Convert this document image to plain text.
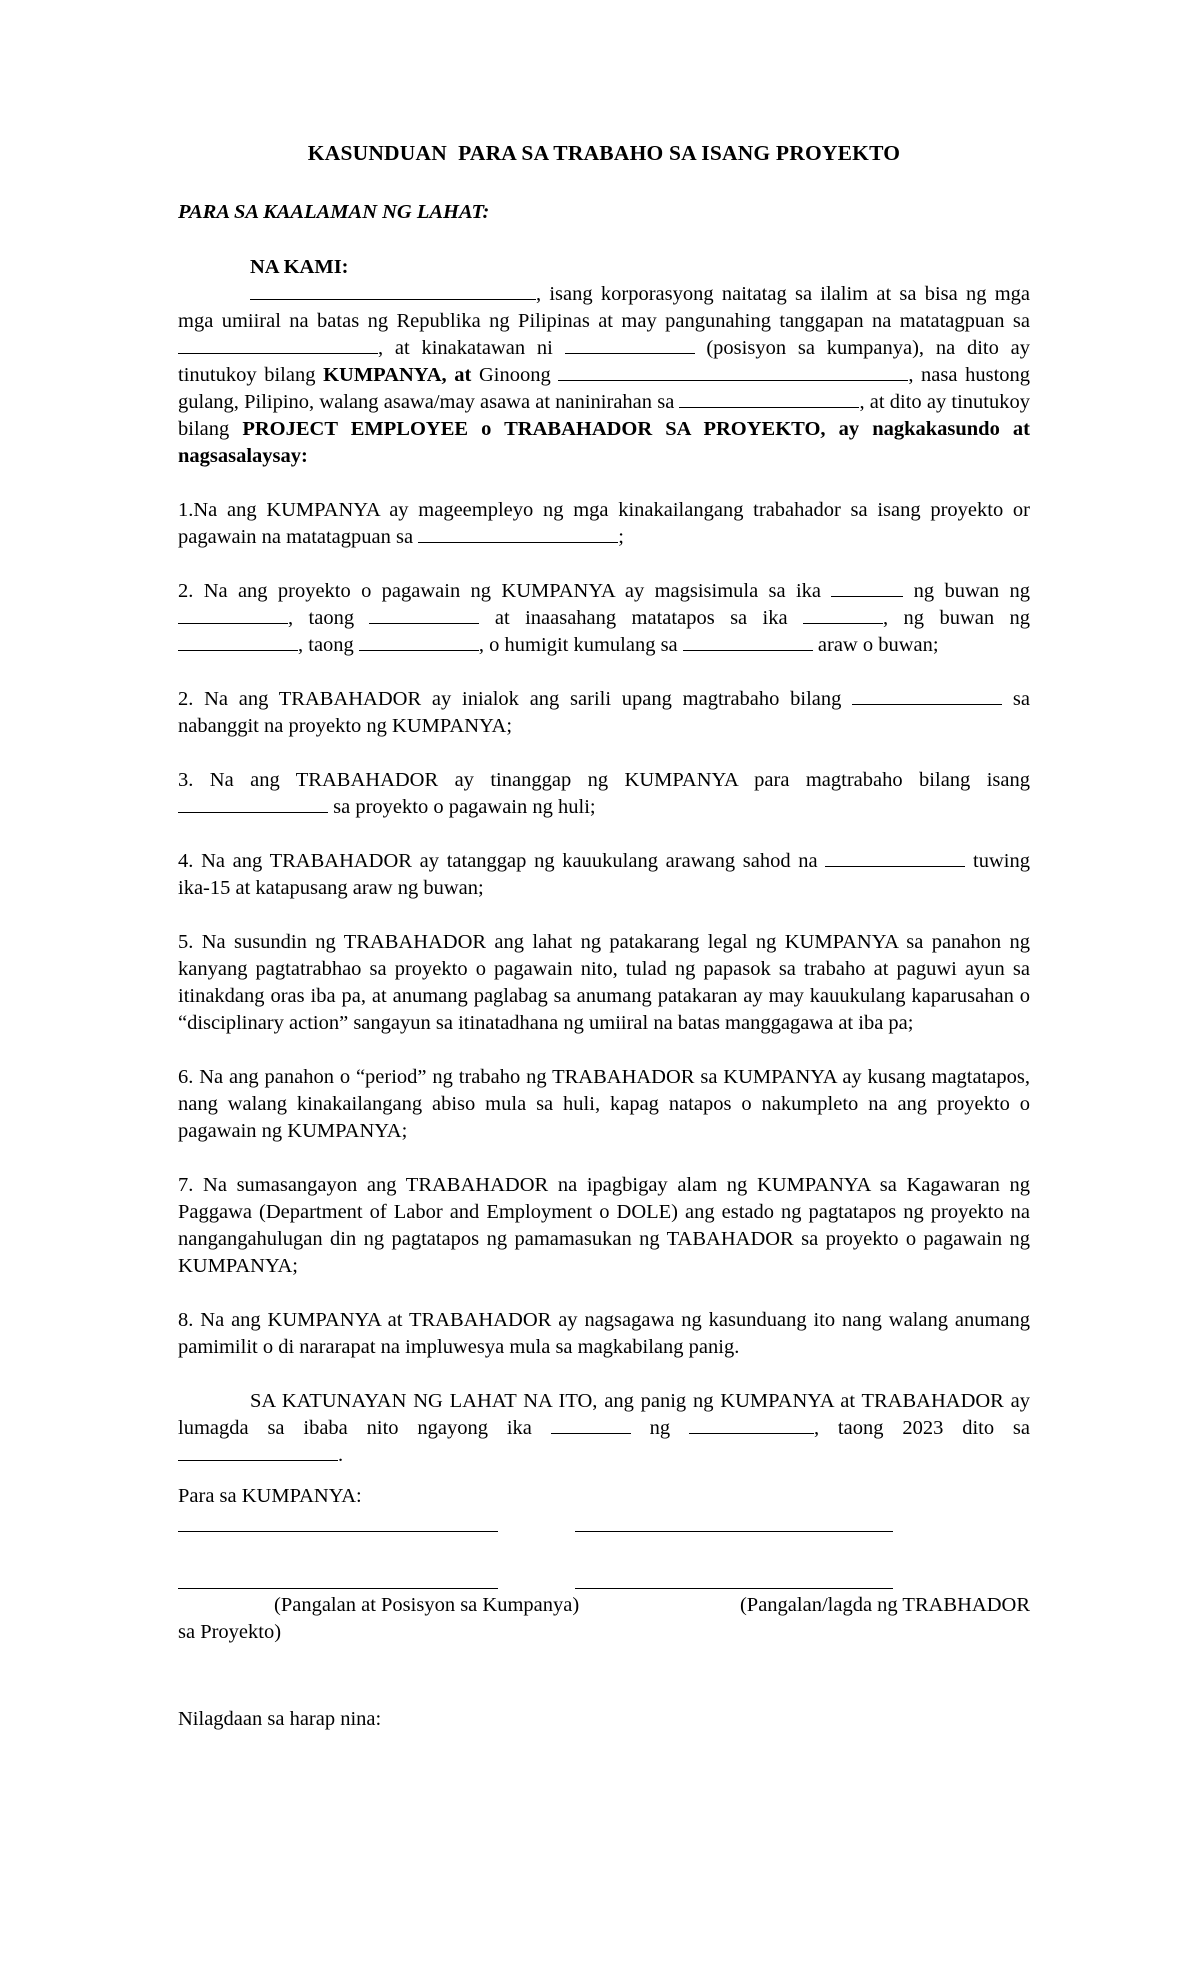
KASUNDUAN  PARA SA TRABAHO SA ISANG PROYEKTO
PARA SA KAALAMAN NG LAHAT:
NA KAMI:

, isang korporasyong naitatag sa ilalim at sa bisa ng mga mga umiiral na batas ng Republika ng Pilipinas at may pangunahing tanggapan na matatagpuan sa , at kinakatawan ni	(posisyon sa kumpanya), na dito ay tinutukoy bilang KUMPANYA, at Ginoong	, nasa hustong gulang, Pilipino, walang asawa/may asawa at naninirahan sa	, at dito ay tinutukoy bilang PROJECT EMPLOYEE o TRABAHADOR SA PROYEKTO, ay nagkakasundo at nagsasalaysay:

1.Na ang KUMPANYA ay mageempleyo ng mga kinakailangang trabahador sa isang proyekto or pagawain na matatagpuan sa	;

2. Na ang proyekto o pagawain ng KUMPANYA ay magsisimula sa ika	ng buwan ng , taong	at inaasahang matatapos sa ika	, ng buwan ng , taong	, o humigit kumulang sa	araw o buwan;

2. Na ang TRABAHADOR ay inialok ang sarili upang magtrabaho bilang	sa nabanggit na proyekto ng KUMPANYA;

3. Na ang TRABAHADOR ay tinanggap ng KUMPANYA para magtrabaho bilang isang  sa proyekto o pagawain ng huli;

4. Na ang TRABAHADOR ay tatanggap ng kauukulang arawang sahod na	tuwing ika-15 at katapusang araw ng buwan;

5. Na susundin ng TRABAHADOR ang lahat ng patakarang legal ng KUMPANYA sa panahon ng kanyang pagtatrabhao sa proyekto o pagawain nito, tulad ng papasok sa trabaho at paguwi ayun sa itinakdang oras iba pa, at anumang paglabag sa anumang patakaran ay may kauukulang kaparusahan o “disciplinary action” sangayun sa itinatadhana ng umiiral na batas manggagawa at iba pa;

6. Na ang panahon o “period” ng trabaho ng TRABAHADOR sa KUMPANYA ay kusang magtatapos, nang walang kinakailangang abiso mula sa huli, kapag natapos o nakumpleto na ang proyekto o pagawain ng KUMPANYA;

7. Na sumasangayon ang TRABAHADOR na ipagbigay alam ng KUMPANYA sa Kagawaran ng Paggawa (Department of Labor and Employment o DOLE) ang estado ng pagtatapos ng proyekto na nangangahulugan din ng pagtatapos ng pamamasukan ng TABAHADOR sa proyekto o pagawain ng KUMPANYA;

8. Na ang KUMPANYA at TRABAHADOR ay nagsagawa ng kasunduang ito nang walang anumang pamimilit o di nararapat na impluwesya mula sa magkabilang panig.

SA KATUNAYAN NG LAHAT NA ITO, ang panig ng KUMPANYA at TRABAHADOR ay lumagda sa ibaba nito ngayong ika	ng	, taong 2023 dito sa .

Para sa KUMPANYA:
(Pangalan at Posisyon sa Kumpanya)	(Pangalan/lagda ng TRABHADOR
sa Proyekto)
Nilagdaan sa harap nina:
